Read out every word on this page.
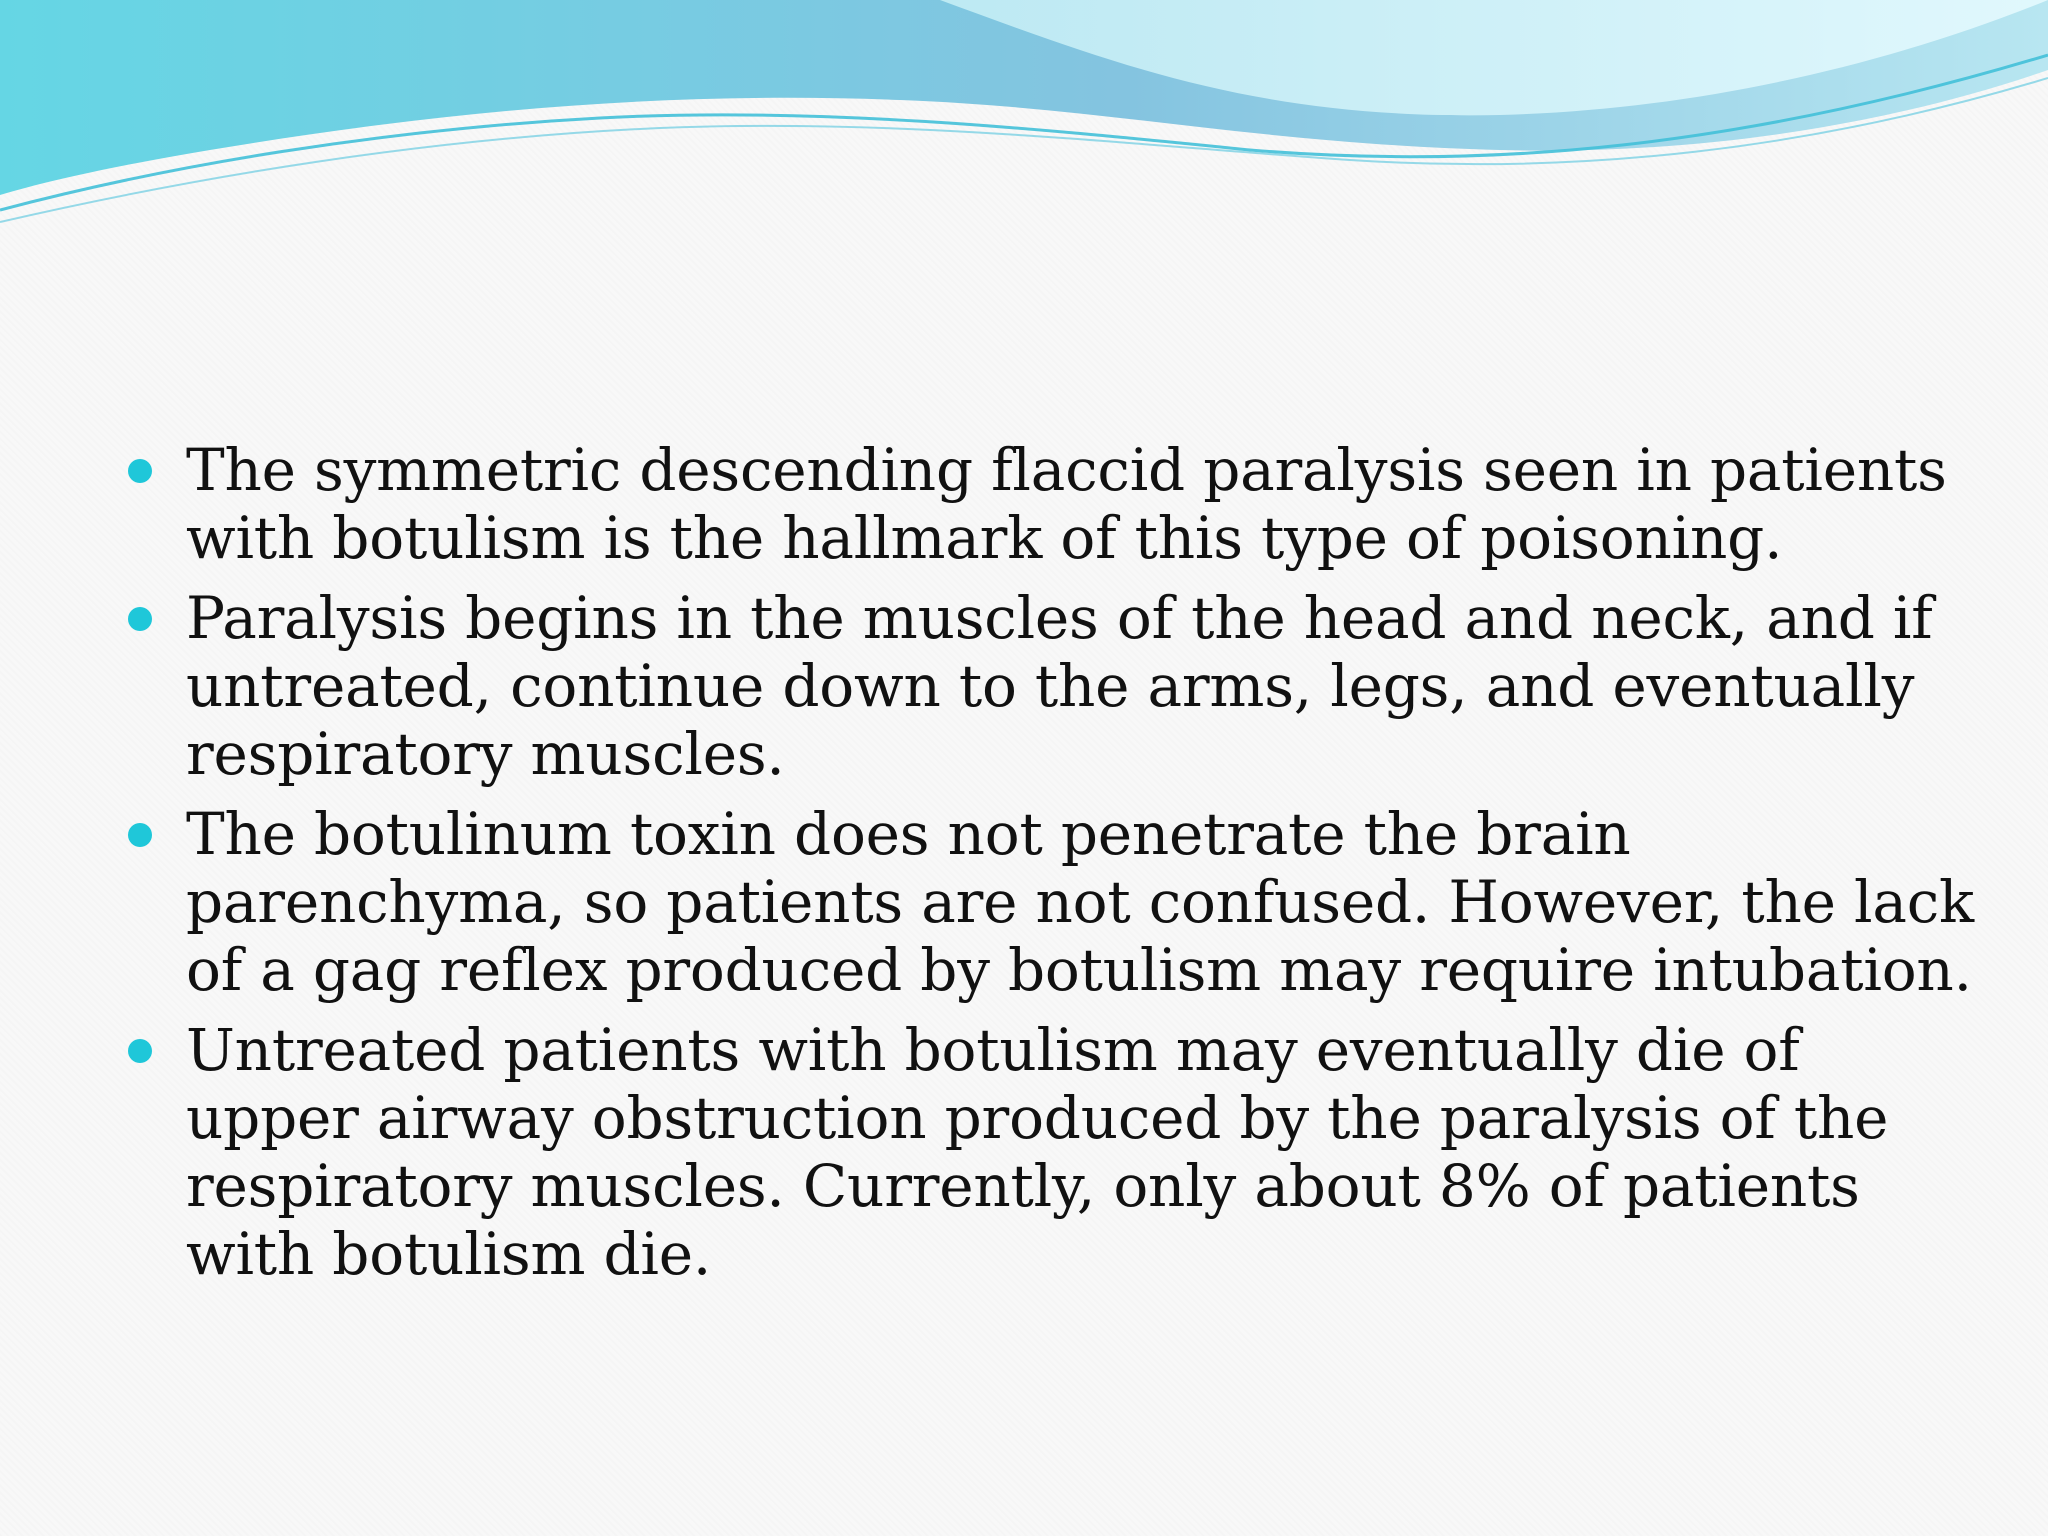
The symmetric descending flaccid paralysis seen in patients with botulism is the hallmark of this type of poisoning.
Paralysis begins in the muscles of the head and neck, and if untreated, continue down to the arms, legs, and eventually respiratory muscles.
The botulinum toxin does not penetrate the brain parenchyma, so patients are not confused. However, the lack of a gag reflex produced by botulism may require intubation.
Untreated patients with botulism may eventually die of upper airway obstruction produced by the paralysis of the respiratory muscles. Currently, only about 8% of patients with botulism die.
